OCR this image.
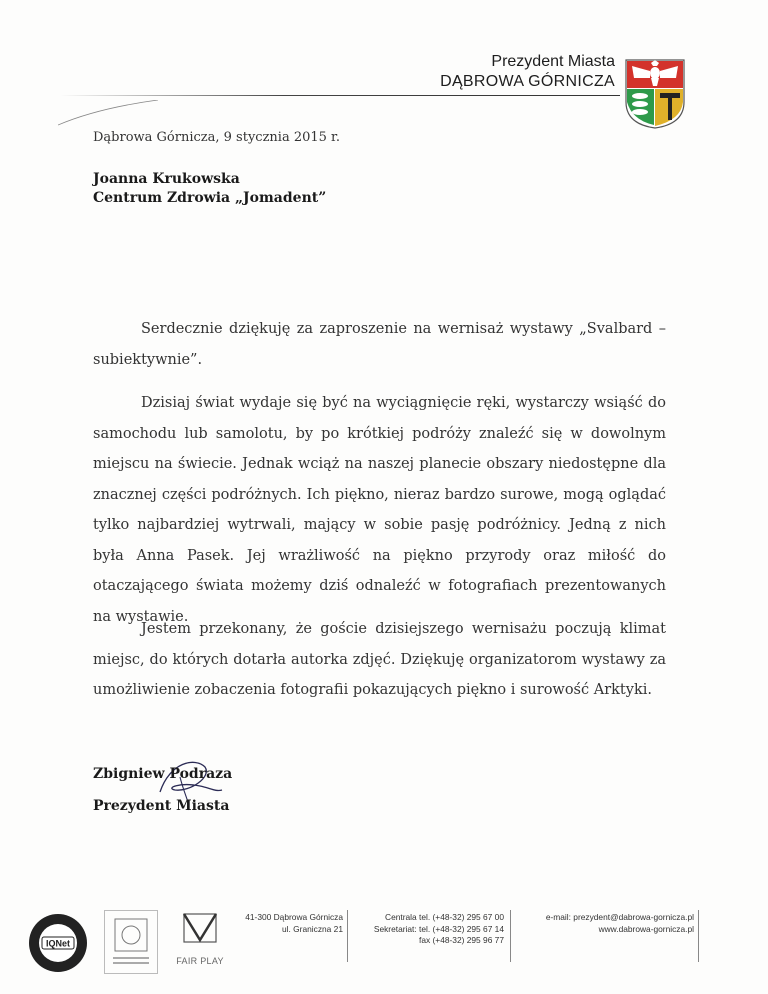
Prezydent Miasta
DĄBROWA GÓRNICZA
Dąbrowa Górnicza, 9 stycznia 2015 r.
Joanna Krukowska
Centrum Zdrowia „Jomadent”
Serdecznie dziękuję za zaproszenie na wernisaż wystawy „Svalbard – subiektywnie”.
Dzisiaj świat wydaje się być na wyciągnięcie ręki, wystarczy wsiąść do samochodu lub samolotu, by po krótkiej podróży znaleźć się w dowolnym miejscu na świecie. Jednak wciąż na naszej planecie obszary niedostępne dla znacznej części podróżnych. Ich piękno, nieraz bardzo surowe, mogą oglądać tylko najbardziej wytrwali, mający w sobie pasję podróżnicy. Jedną z nich była Anna Pasek. Jej wrażliwość na piękno przyrody oraz miłość do otaczającego świata możemy dziś odnaleźć w fotografiach prezentowanych na wystawie.
Jestem przekonany, że goście dzisiejszego wernisażu poczują klimat miejsc, do których dotarła autorka zdjęć. Dziękuję organizatorom wystawy za umożliwienie zobaczenia fotografii pokazujących piękno i surowość Arktyki.
Zbigniew Podraza
Prezydent Miasta
IQNet
FAIR PLAY
41-300 Dąbrowa Górnicza
ul. Graniczna 21
Centrala tel. (+48-32) 295 67 00
Sekretariat: tel. (+48-32) 295 67 14
fax (+48-32) 295 96 77
e-mail: prezydent@dabrowa-gornicza.pl
www.dabrowa-gornicza.pl
